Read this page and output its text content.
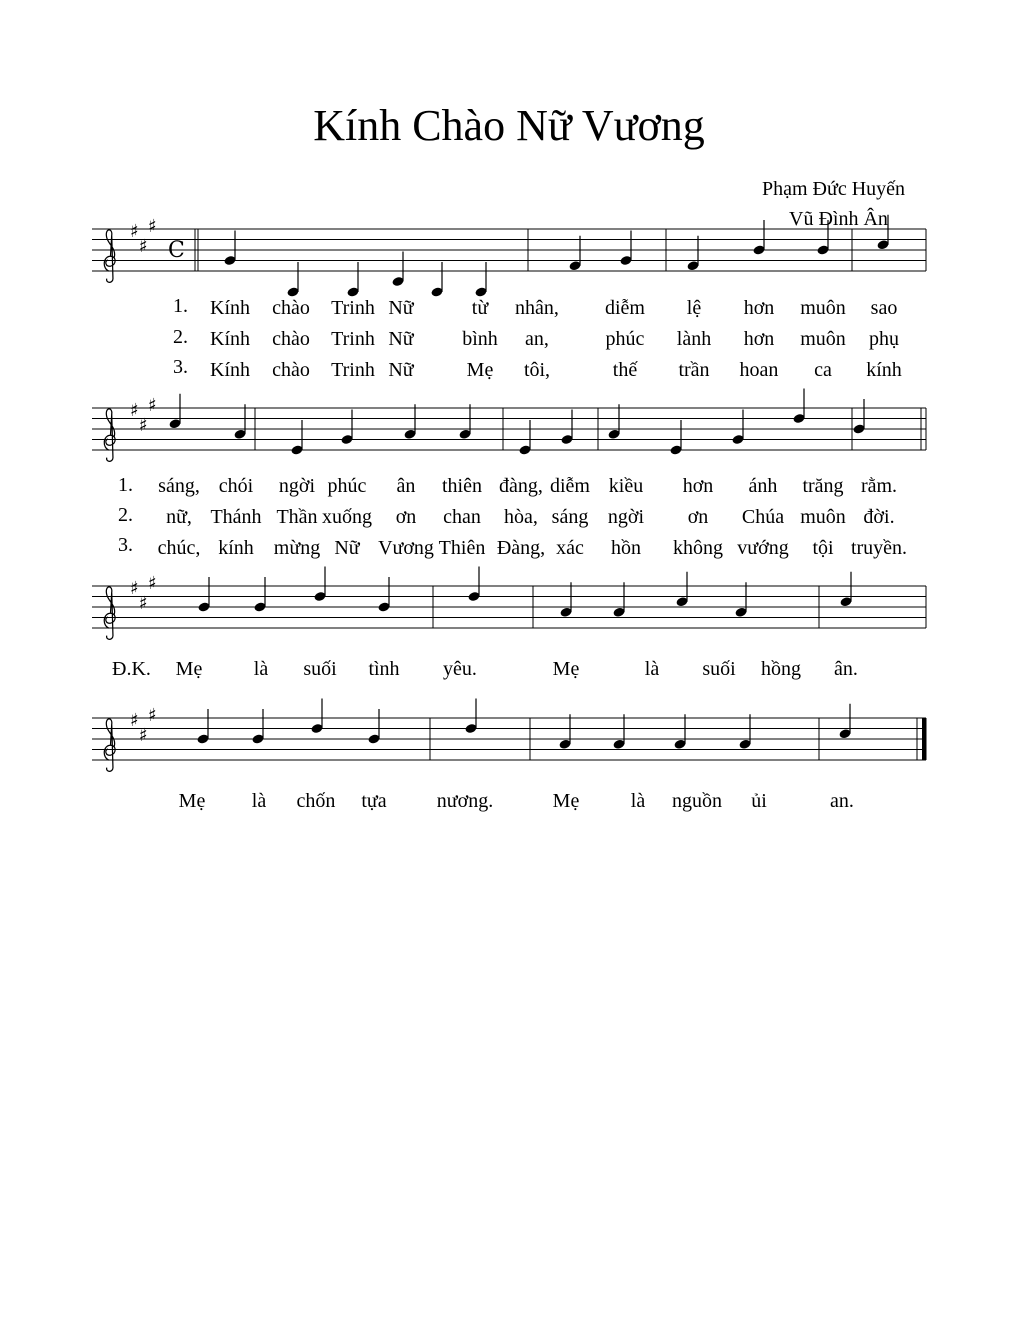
Kính Chào Nữ Vương
Phạm Đức Huyến
Vũ Đình Ân
♯
♯
♯
C
♯
♯
♯
♯
♯
♯
♯
♯
♯
1.
2.
3.
1.
2.
3.
Đ.K.
Kính chào Trinh Nữ	từ nhân, diễm lệ hơn muôn sao
Kính chào Trinh Nữ bình an,	phúc lành hơn muôn phụ
Kính chào Trinh Nữ	Mẹ tôi,	thế trần hoan ca kính
sáng, chói ngời phúc ân thiên đàng, diễm kiều hơn ánh trăng rằm.
nữ, Thánh Thần xuống ơn chan hòa, sáng ngời ơn Chúa muôn đời.
chúc, kính mừng Nữ Vương Thiên Đàng, xác hồn không vướng tội truyền.
Mẹ	là suối tình yêu.	Mẹ	là suối hồng ân.
Mẹ là chốn tựa	nương.	Mẹ	là nguồn ủi	an.
